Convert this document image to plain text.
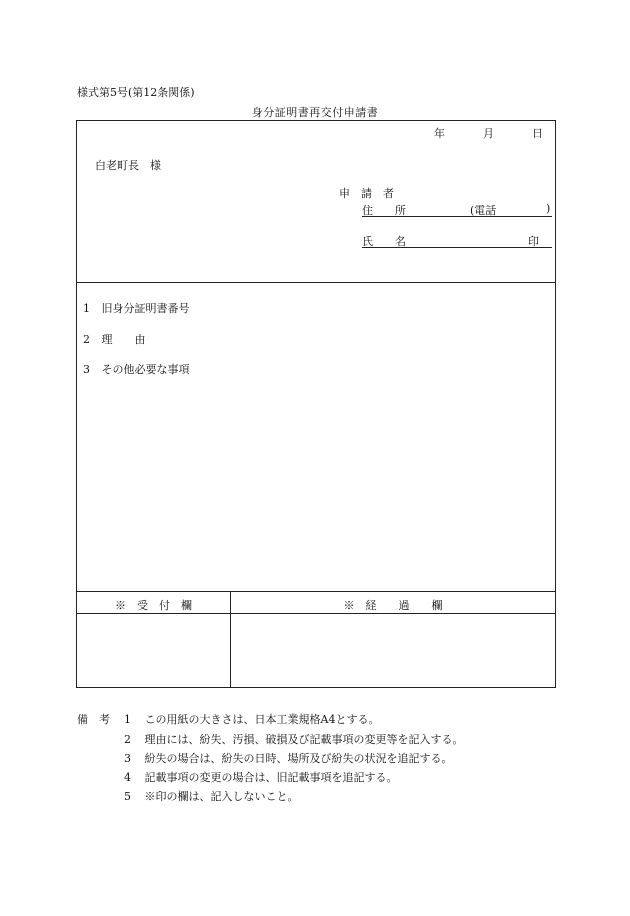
様式第5号(第12条関係)
身分証明書再交付申請書
年	月	日
白老町長　様
申　請　者
住　　所	(電話	)
氏　　名	印
1 旧身分証明書番号
2 理　　由
3 その他必要な事項
※　受　付　欄	※　経　　過　　欄
備　考 1 この用紙の大きさは、日本工業規格A4とする。
2 理由には、紛失、汚損、破損及び記載事項の変更等を記入する。
3 紛失の場合は、紛失の日時、場所及び紛失の状況を追記する。
4 記載事項の変更の場合は、旧記載事項を追記する。
5 ※印の欄は、記入しないこと。
